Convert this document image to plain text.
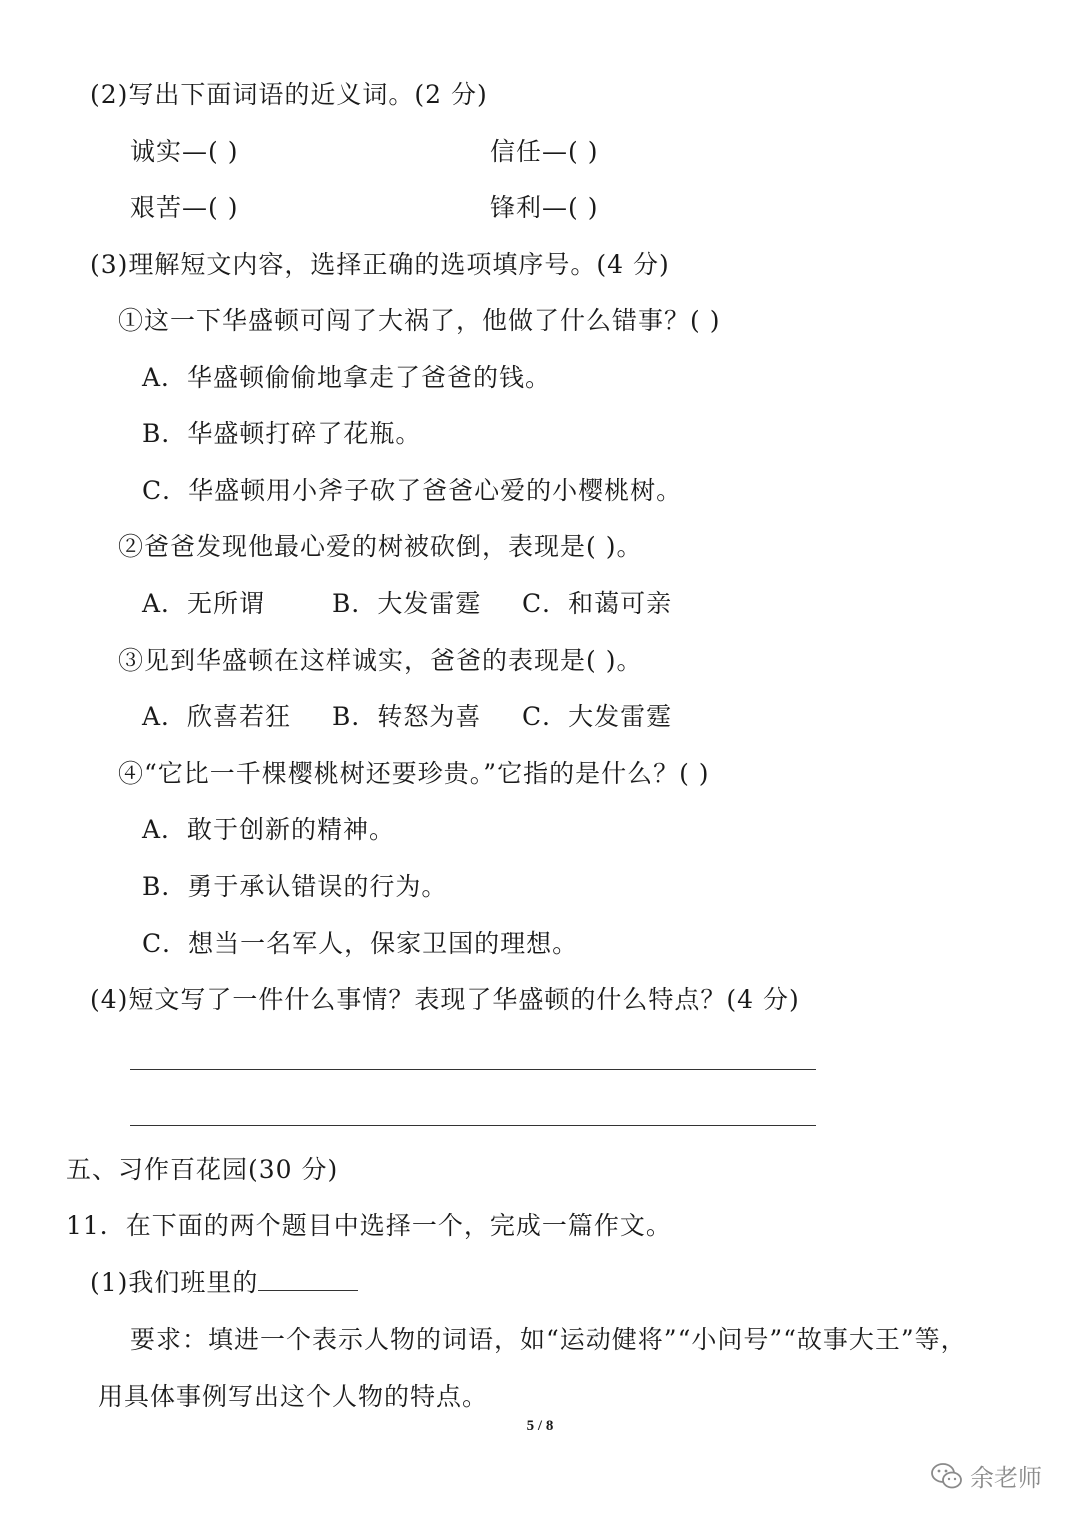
(2)写出下面词语的近义词。(2 分)
诚实—( )	信任—( )
艰苦—( )	锋利—( )
(3)理解短文内容，选择正确的选项填序号。(4 分)
①这一下华盛顿可闯了大祸了，他做了什么错事？( )
A．华盛顿偷偷地拿走了爸爸的钱。
B．华盛顿打碎了花瓶。
C．华盛顿用小斧子砍了爸爸心爱的小樱桃树。
②爸爸发现他最心爱的树被砍倒，表现是( )。
A．无所谓	B．大发雷霆 C．和蔼可亲
③见到华盛顿在这样诚实，爸爸的表现是( )。
A．欣喜若狂 B．转怒为喜 C．大发雷霆
④“它比一千棵樱桃树还要珍贵。”它指的是什么？( )
A．敢于创新的精神。
B．勇于承认错误的行为。
C．想当一名军人，保家卫国的理想。
(4)短文写了一件什么事情？表现了华盛顿的什么特点？(4 分)
五、习作百花园(30 分)
11．在下面的两个题目中选择一个，完成一篇作文。
(1)我们班里的
要求：填进一个表示人物的词语，如“运动健将”“小问号”“故事大王”等，
用具体事例写出这个人物的特点。
5 / 8
余老师
